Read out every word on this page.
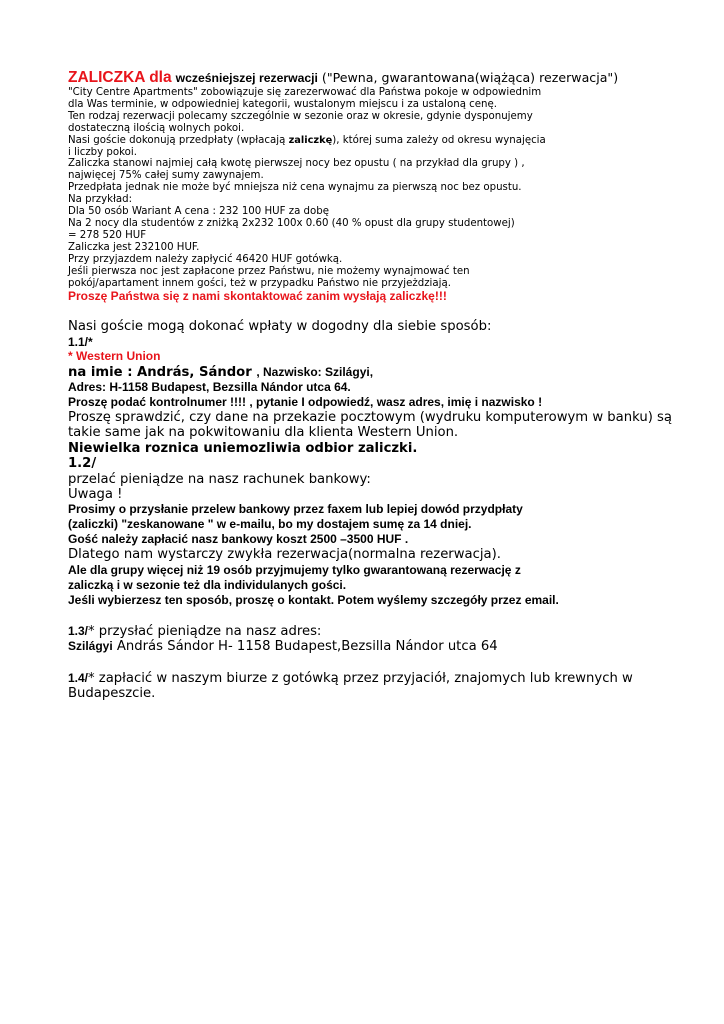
ZALICZKA dla wcześniejszej rezerwacji ("Pewna, gwarantowana(wiążąca) rezerwacja")
"City Centre Apartments" zobowiązuje się zarezerwować dla Państwa pokoje w odpowiednim
dla Was terminie, w odpowiedniej kategorii, wustalonym miejscu i za ustaloną cenę.
Ten rodzaj rezerwacji polecamy szczególnie w sezonie oraz w okresie, gdynie dysponujemy
dostateczną ilością wolnych pokoi.
Nasi goście dokonują przedpłaty (wpłacają zaliczkę), której suma zależy od okresu wynajęcia
i liczby pokoi.
Zaliczka stanowi najmiej całą kwotę pierwszej nocy bez opustu ( na przykład dla grupy ) ,
najwięcej 75% całej sumy zawynajem.
Przedpłata jednak nie może być mniejsza niż cena wynajmu za pierwszą noc bez opustu.
Na przykład:
Dla 50 osób Wariant A cena : 232 100 HUF za dobę
Na 2 nocy dla studentów z zniżką 2x232 100x 0.60 (40 % opust dla grupy studentowej)
= 278 520 HUF
Zaliczka jest 232100 HUF.
Przy przyjazdem należy zapłycić 46420 HUF gotówką.
Jeśli pierwsza noc jest zapłacone przez Państwu, nie możemy wynajmować ten
pokój/apartament innem gości, też w przypadku Państwo nie przyjeżdziają.
Proszę Państwa się z nami skontaktować zanim wysłają zaliczkę!!!
Nasi goście mogą dokonać wpłaty w dogodny dla siebie sposób:
1.1/*
* Western Union
na imie : András, Sándor , Nazwisko: Szilágyi,
Adres: H-1158 Budapest, Bezsilla Nándor utca 64.
Proszę podać kontrolnumer !!!! , pytanie I odpowiedź, wasz adres, imię i nazwisko !
Proszę sprawdzić, czy dane na przekazie pocztowym (wydruku komputerowym w banku) są
takie same jak na pokwitowaniu dla klienta Western Union.
Niewielka roznica uniemozliwia odbior zaliczki.
1.2/
przelać pieniądze na nasz rachunek bankowy:
Uwaga !
Prosimy o przysłanie przelew bankowy przez faxem lub lepiej dowód przydpłaty
(zaliczki) "zeskanowane " w e-mailu, bo my dostajem sumę za 14 dniej.
Gość należy zapłacić nasz bankowy koszt 2500 –3500 HUF .
Dlatego nam wystarczy zwykła rezerwacja(normalna rezerwacja).
Ale dla grupy więcej niż 19 osób przyjmujemy tylko gwarantowaną rezerwację z
zaliczką i w sezonie też dla individulanych gości.
Jeśli wybierzesz ten sposób, proszę o kontakt. Potem wyślemy szczegóły przez email.
1.3/* przysłać pieniądze na nasz adres:
Szilágyi András Sándor H- 1158 Budapest,Bezsilla Nándor utca 64
1.4/* zapłacić w naszym biurze z gotówką przez przyjaciół, znajomych lub krewnych w
Budapeszcie.
